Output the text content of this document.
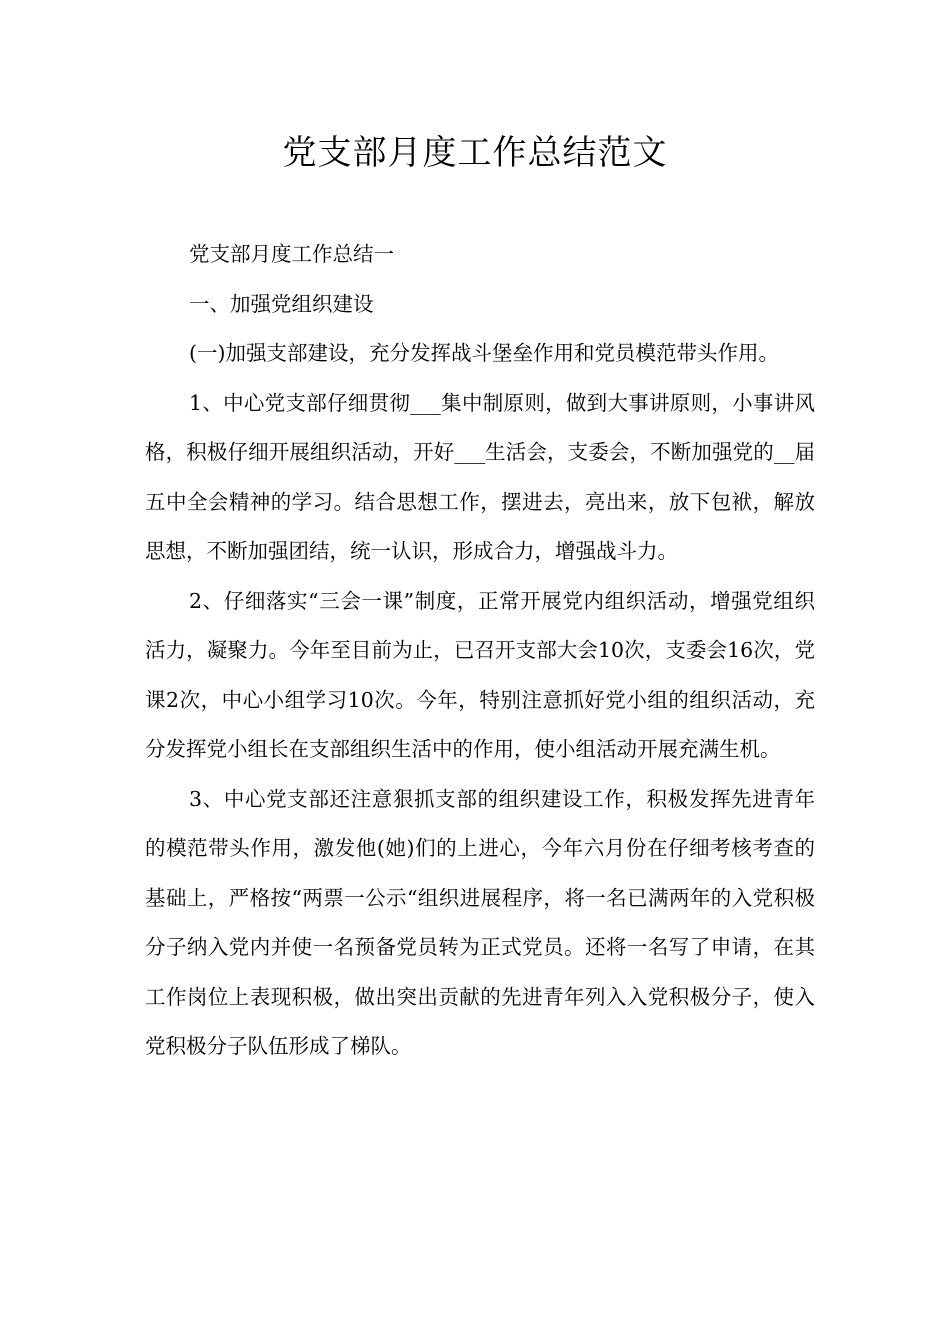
党支部月度工作总结范文

党支部月度工作总结一

一、加强党组织建设

(一)加强支部建设，充分发挥战斗堡垒作用和党员模范带头作用。

1、中心党支部仔细贯彻___集中制原则，做到大事讲原则，小事讲风格，积极仔细开展组织活动，开好___生活会，支委会，不断加强党的__届五中全会精神的学习。结合思想工作，摆进去，亮出来，放下包袱，解放思想，不断加强团结，统一认识，形成合力，增强战斗力。

2、仔细落实“三会一课”制度，正常开展党内组织活动，增强党组织活力，凝聚力。今年至目前为止，已召开支部大会10次，支委会16次，党课2次，中心小组学习10次。今年，特别注意抓好党小组的组织活动，充分发挥党小组长在支部组织生活中的作用，使小组活动开展充满生机。

3、中心党支部还注意狠抓支部的组织建设工作，积极发挥先进青年的模范带头作用，激发他(她)们的上进心，今年六月份在仔细考核考查的基础上，严格按“两票一公示“组织进展程序，将一名已满两年的入党积极分子纳入党内并使一名预备党员转为正式党员。还将一名写了申请，在其工作岗位上表现积极，做出突出贡献的先进青年列入入党积极分子，使入党积极分子队伍形成了梯队。
